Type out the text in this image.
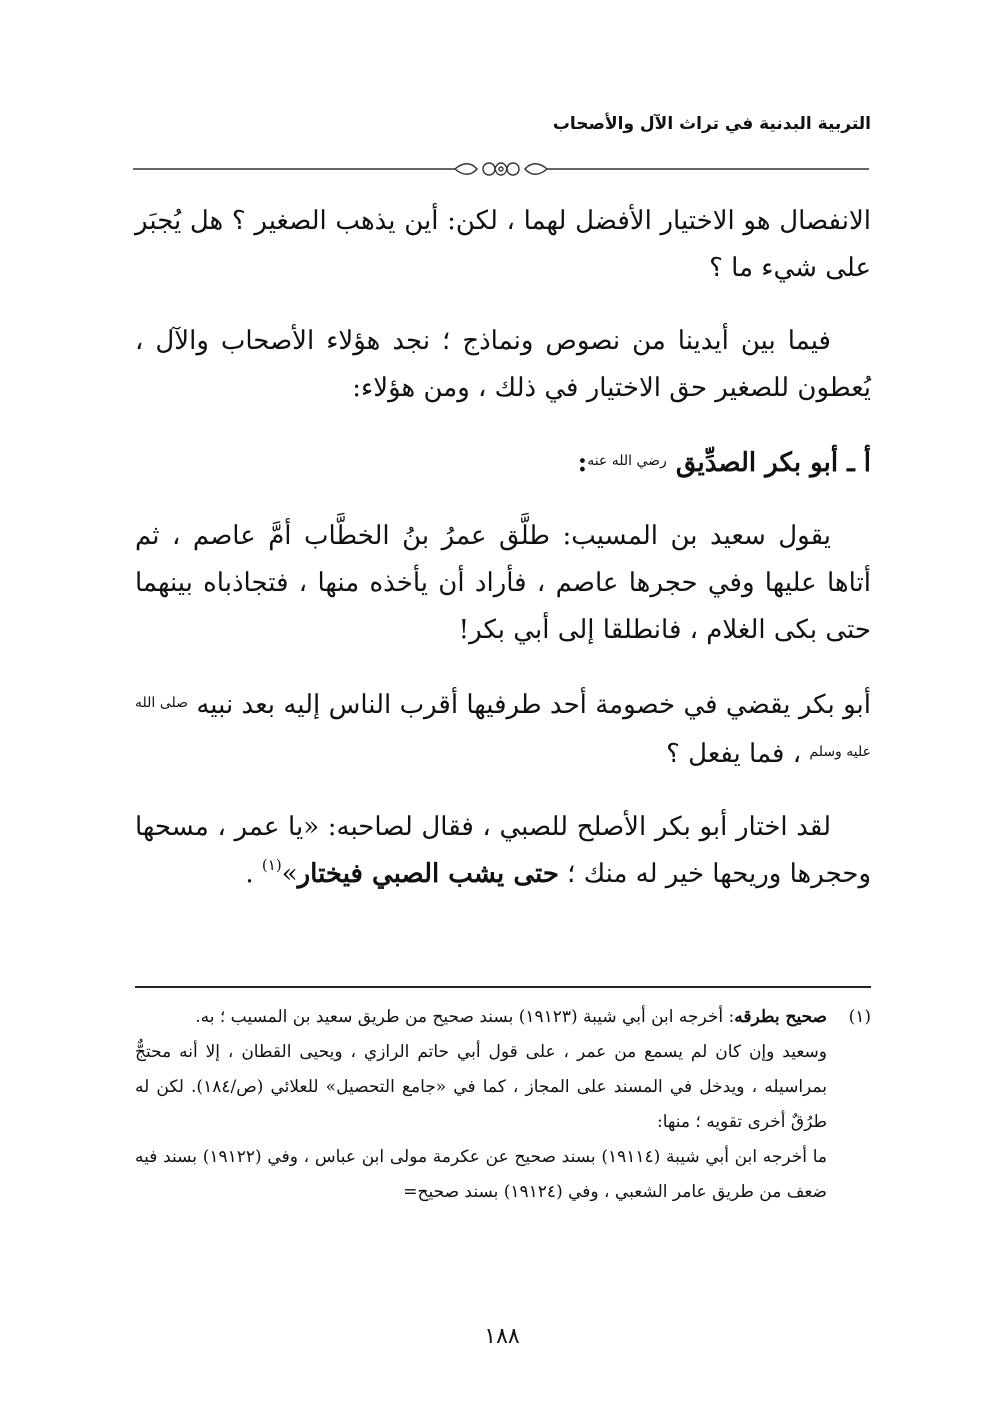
التربية البدنية في تراث الآل والأصحاب

الانفصال هو الاختيار الأفضل لهما ، لكن: أين يذهب الصغير ؟ هل يُجبَر على شيء ما ؟

فيما بين أيدينا من نصوص ونماذج ؛ نجد هؤلاء الأصحاب والآل ، يُعطون للصغير حق الاختيار في ذلك ، ومن هؤلاء:

أ ـ أبو بكر الصدِّيق $^{رضي الله عنه}$:

يقول سعيد بن المسيب: طلَّق عمرُ بنُ الخطَّاب أمَّ عاصم ، ثم أتاها عليها وفي حجرها عاصم ، فأراد أن يأخذه منها ، فتجاذباه بينهما حتى بكى الغلام ، فانطلقا إلى أبي بكر!

أبو بكر يقضي في خصومة أحد طرفيها أقرب الناس إليه بعد نبيه $^{صلى الله عليه وسلم}$ ، فما يفعل ؟

لقد اختار أبو بكر الأصلح للصبي ، فقال لصاحبه: «يا عمر ، مسحها وحجرها وريحها خير له منك ؛ حتى يشب الصبي فيختار»$^{(١)}$ .

(١)
صحيح بطرقه: أخرجه ابن أبي شيبة (١٩١٢٣) بسند صحيح من طريق سعيد بن المسيب ؛ به.

وسعيد وإن كان لم يسمع من عمر ، على قول أبي حاتم الرازي ، ويحيى القطان ، إلا أنه محتجٌّ بمراسيله ، ويدخل في المسند على المجاز ، كما في «جامع التحصيل» للعلائي (ص/١٨٤). لكن له طرُقٌ أخرى تقويه ؛ منها:

ما أخرجه ابن أبي شيبة (١٩١١٤) بسند صحيح عن عكرمة مولى ابن عباس ، وفي (١٩١٢٢) بسند فيه ضعف من طريق عامر الشعبي ، وفي (١٩١٢٤) بسند صحيح=

١٨٨
